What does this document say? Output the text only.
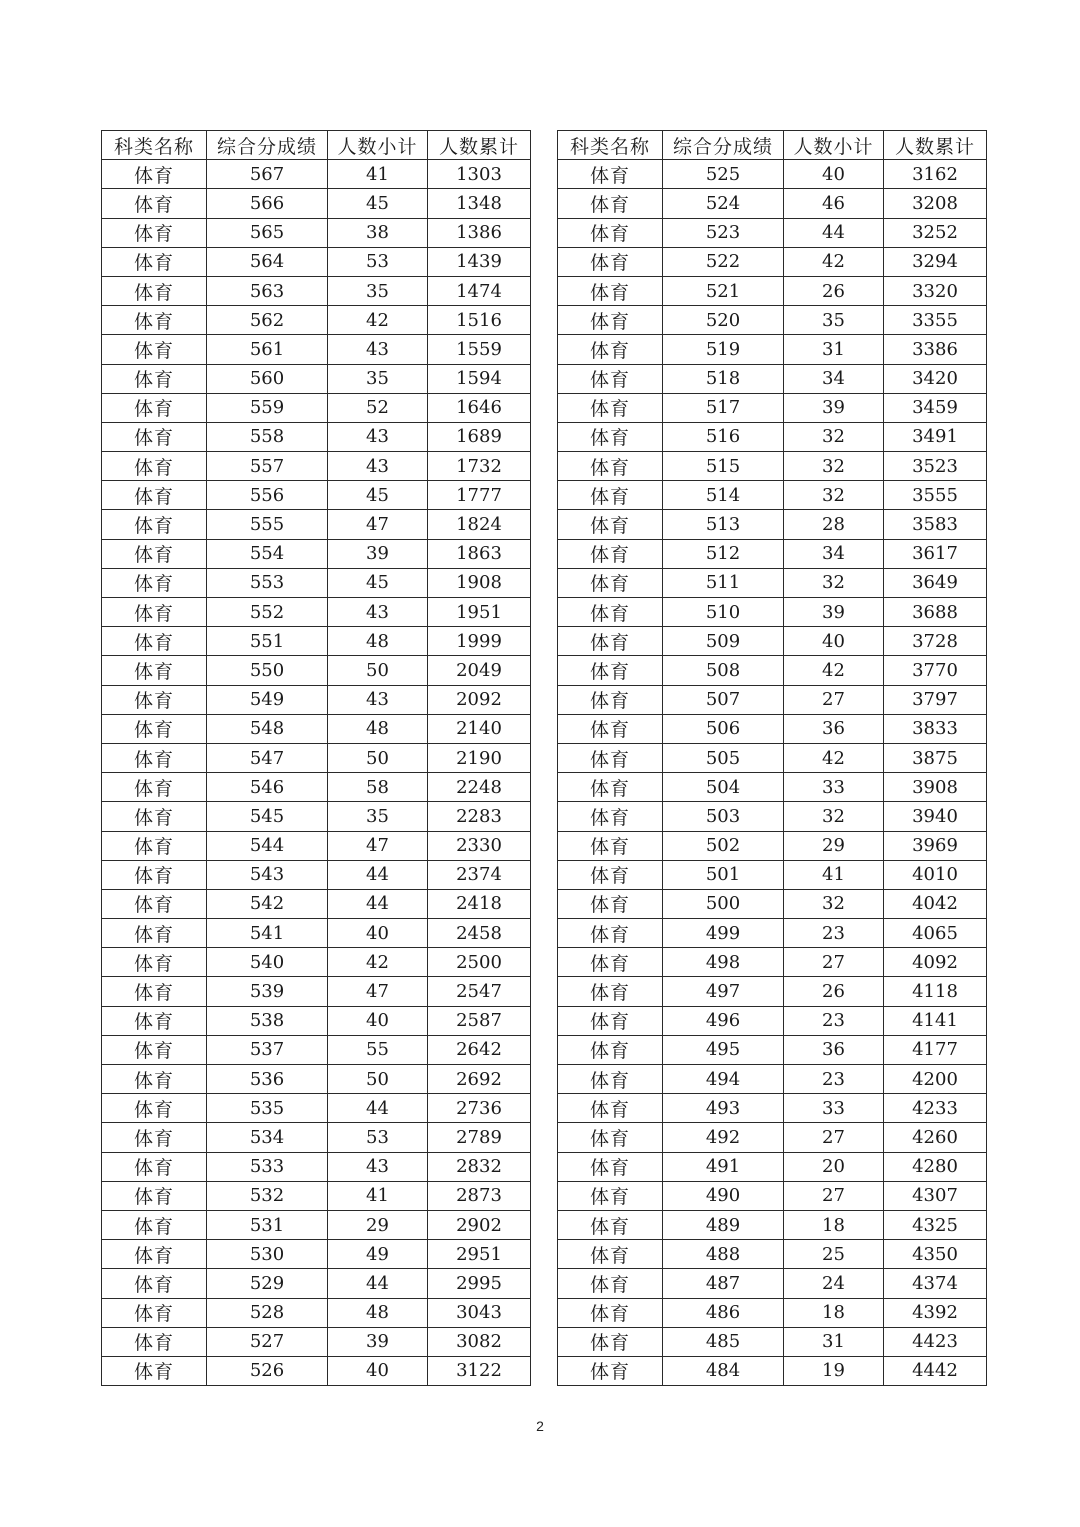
科类名称	综合分成绩	人数小计	人数累计
体育	567	41	1303
体育	566	45	1348
体育	565	38	1386
体育	564	53	1439
体育	563	35	1474
体育	562	42	1516
体育	561	43	1559
体育	560	35	1594
体育	559	52	1646
体育	558	43	1689
体育	557	43	1732
体育	556	45	1777
体育	555	47	1824
体育	554	39	1863
体育	553	45	1908
体育	552	43	1951
体育	551	48	1999
体育	550	50	2049
体育	549	43	2092
体育	548	48	2140
体育	547	50	2190
体育	546	58	2248
体育	545	35	2283
体育	544	47	2330
体育	543	44	2374
体育	542	44	2418
体育	541	40	2458
体育	540	42	2500
体育	539	47	2547
体育	538	40	2587
体育	537	55	2642
体育	536	50	2692
体育	535	44	2736
体育	534	53	2789
体育	533	43	2832
体育	532	41	2873
体育	531	29	2902
体育	530	49	2951
体育	529	44	2995
体育	528	48	3043
体育	527	39	3082
体育	526	40	3122
科类名称	综合分成绩	人数小计	人数累计
体育	525	40	3162
体育	524	46	3208
体育	523	44	3252
体育	522	42	3294
体育	521	26	3320
体育	520	35	3355
体育	519	31	3386
体育	518	34	3420
体育	517	39	3459
体育	516	32	3491
体育	515	32	3523
体育	514	32	3555
体育	513	28	3583
体育	512	34	3617
体育	511	32	3649
体育	510	39	3688
体育	509	40	3728
体育	508	42	3770
体育	507	27	3797
体育	506	36	3833
体育	505	42	3875
体育	504	33	3908
体育	503	32	3940
体育	502	29	3969
体育	501	41	4010
体育	500	32	4042
体育	499	23	4065
体育	498	27	4092
体育	497	26	4118
体育	496	23	4141
体育	495	36	4177
体育	494	23	4200
体育	493	33	4233
体育	492	27	4260
体育	491	20	4280
体育	490	27	4307
体育	489	18	4325
体育	488	25	4350
体育	487	24	4374
体育	486	18	4392
体育	485	31	4423
体育	484	19	4442
2
